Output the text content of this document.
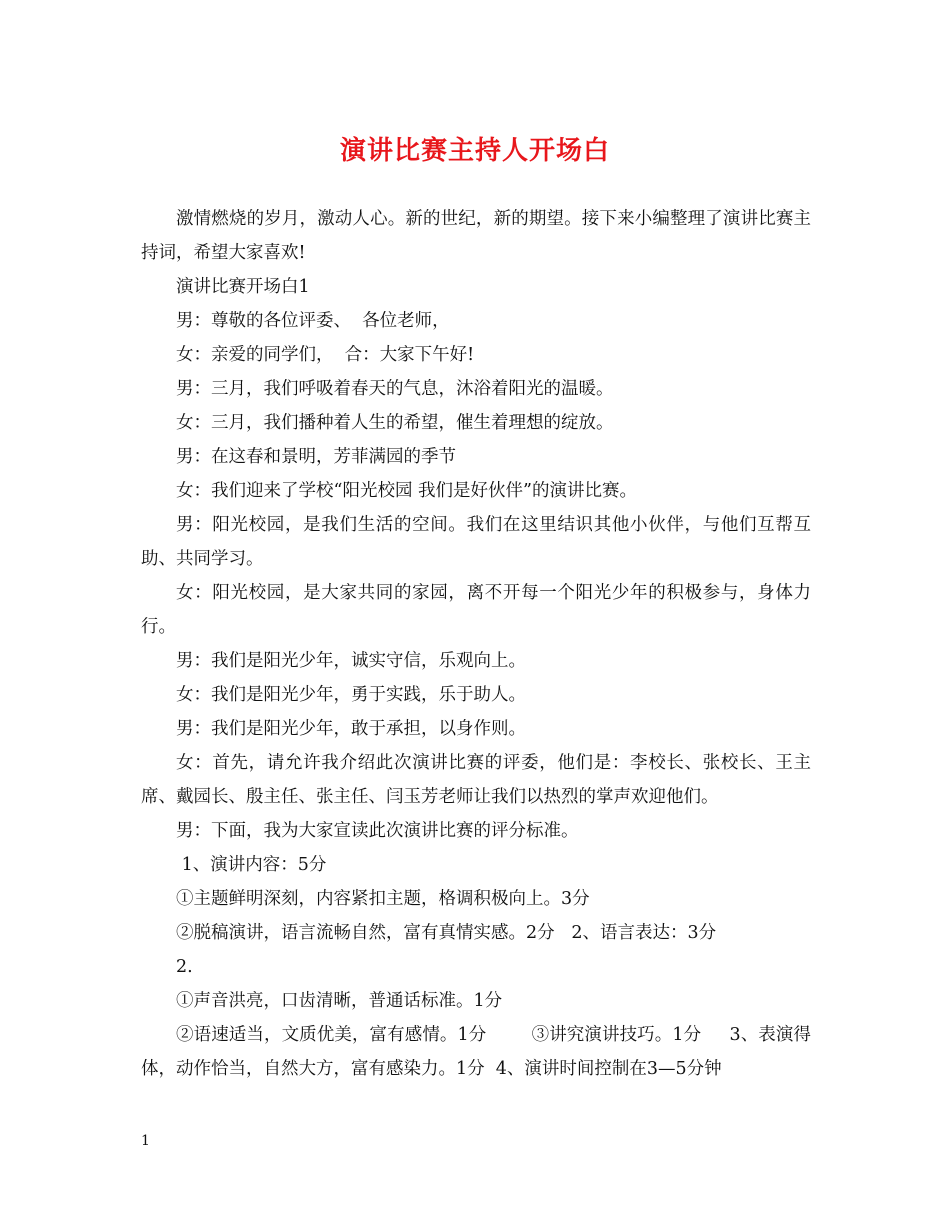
演讲比赛主持人开场白

激情燃烧的岁月，激动人心。新的世纪，新的期望。接下来小编整理了演讲比赛主持词，希望大家喜欢!

演讲比赛开场白1

男：尊敬的各位评委、  各位老师，

女：亲爱的同学们，  合：大家下午好!

男：三月，我们呼吸着春天的气息，沐浴着阳光的温暖。

女：三月，我们播种着人生的希望，催生着理想的绽放。

男：在这春和景明，芳菲满园的季节

女：我们迎来了学校“阳光校园 我们是好伙伴”的演讲比赛。

男：阳光校园，是我们生活的空间。我们在这里结识其他小伙伴，与他们互帮互助、共同学习。

女：阳光校园，是大家共同的家园，离不开每一个阳光少年的积极参与，身体力行。

男：我们是阳光少年，诚实守信，乐观向上。

女：我们是阳光少年，勇于实践，乐于助人。

男：我们是阳光少年，敢于承担，以身作则。

女：首先，请允许我介绍此次演讲比赛的评委，他们是：李校长、张校长、王主席、戴园长、殷主任、张主任、闫玉芳老师让我们以热烈的掌声欢迎他们。

男：下面，我为大家宣读此次演讲比赛的评分标准。

1、演讲内容：5分

①主题鲜明深刻，内容紧扣主题，格调积极向上。3分

②脱稿演讲，语言流畅自然，富有真情实感。2分   2、语言表达：3分

2.

①声音洪亮，口齿清晰，普通话标准。1分

②语速适当，文质优美，富有感情。1分        ③讲究演讲技巧。1分     3、表演得体，动作恰当，自然大方，富有感染力。1分  4、演讲时间控制在3—5分钟

1
